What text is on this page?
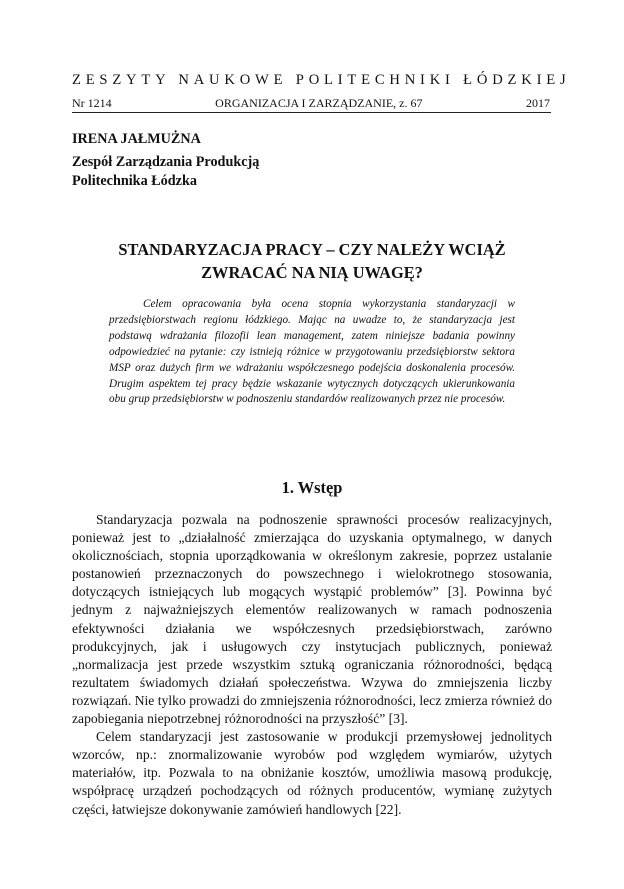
ZESZYTY NAUKOWE POLITECHNIKI ŁÓDZKIEJ
Nr 1214	ORGANIZACJA I ZARZĄDZANIE, z. 67	2017
IRENA JAŁMUŻNA
Zespół Zarządzania Produkcją
Politechnika Łódzka
STANDARYZACJA PRACY – CZY NALEŻY WCIĄŻ
ZWRACAĆ NA NIĄ UWAGĘ?
Celem opracowania była ocena stopnia wykorzystania standaryzacji w przedsiębiorstwach regionu łódzkiego. Mając na uwadze to, że standaryzacja jest podstawą wdrażania filozofii lean management, zatem niniejsze badania powinny odpowiedzieć na pytanie: czy istnieją różnice w przygotowaniu przedsiębiorstw sektora MSP oraz dużych firm we wdrażaniu współczesnego podejścia doskonalenia procesów. Drugim aspektem tej pracy będzie wskazanie wytycznych dotyczących ukierunkowania obu grup przedsiębiorstw w podnoszeniu standardów realizowanych przez nie procesów.
1. Wstęp

Standaryzacja pozwala na podnoszenie sprawności procesów realizacyjnych, ponieważ jest to „działalność zmierzająca do uzyskania optymalnego, w danych okolicznościach, stopnia uporządkowania w określonym zakresie, poprzez ustalanie postanowień przeznaczonych do powszechnego i wielokrotnego stosowania, dotyczących istniejących lub mogących wystąpić problemów” [3]. Powinna być jednym z najważniejszych elementów realizowanych w ramach podnoszenia efektywności działania we współczesnych przedsiębiorstwach, zarówno produkcyjnych, jak i usługowych czy instytucjach publicznych, ponieważ „normalizacja jest przede wszystkim sztuką ograniczania różnorodności, będącą rezultatem świadomych działań społeczeństwa. Wzywa do zmniejszenia liczby rozwiązań. Nie tylko prowadzi do zmniejszenia różnorodności, lecz zmierza również do zapobiegania niepotrzebnej różnorodności na przyszłość” [3].

Celem standaryzacji jest zastosowanie w produkcji przemysłowej jednolitych wzorców, np.: znormalizowanie wyrobów pod względem wymiarów, użytych materiałów, itp. Pozwala to na obniżanie kosztów, umożliwia masową produkcję, współpracę urządzeń pochodzących od różnych producentów, wymianę zużytych części, łatwiejsze dokonywanie zamówień handlowych [22].
